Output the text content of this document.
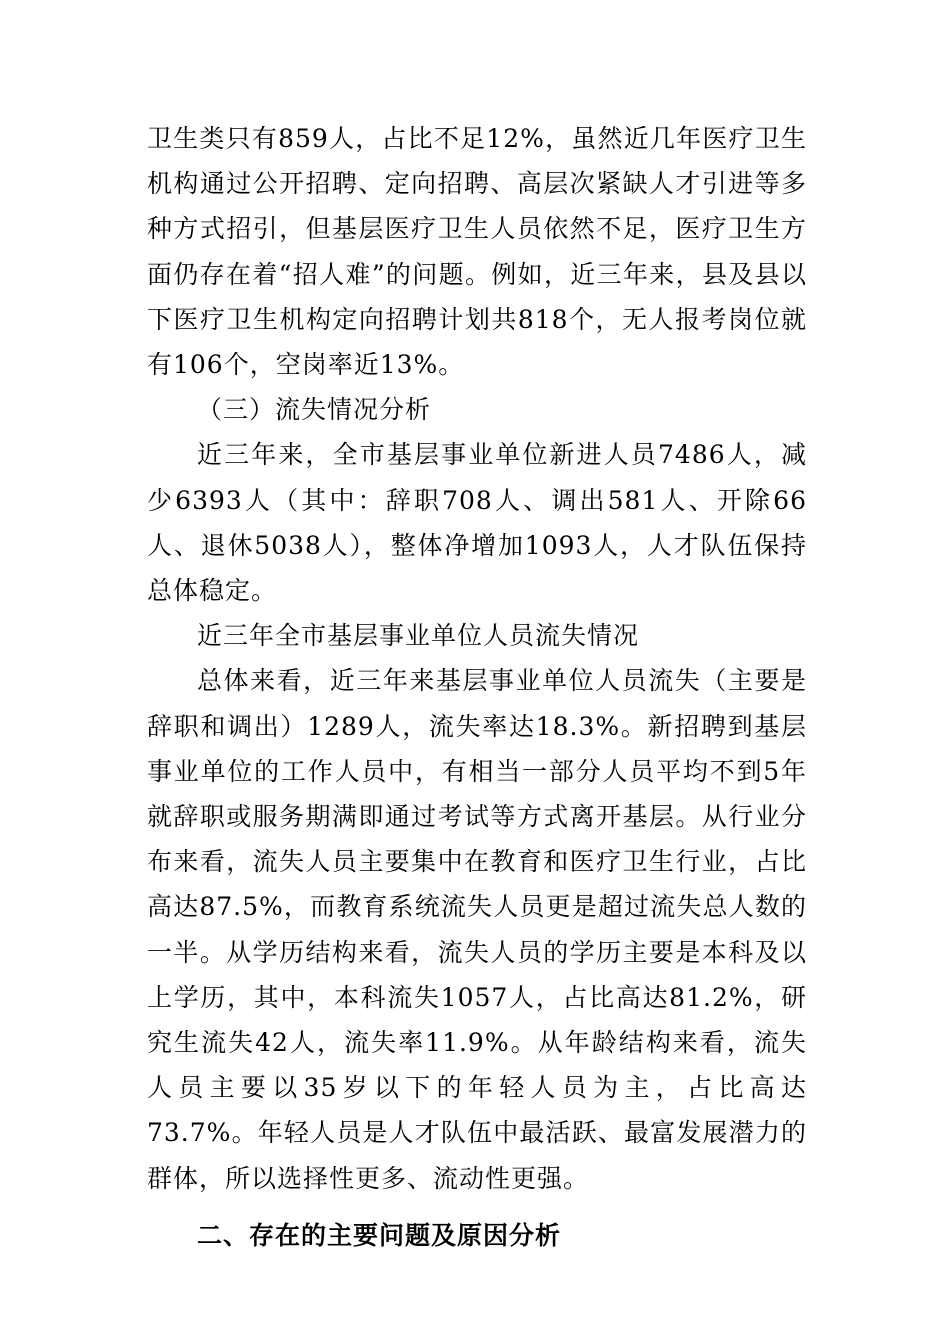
卫生类只有859人，占比不足12%，虽然近几年医疗卫生机构通过公开招聘、定向招聘、高层次紧缺人才引进等多种方式招引，但基层医疗卫生人员依然不足，医疗卫生方面仍存在着“招人难”的问题。例如，近三年来，县及县以下医疗卫生机构定向招聘计划共818个，无人报考岗位就有106个，空岗率近13%。

（三）流失情况分析

近三年来，全市基层事业单位新进人员7486人，减少6393人（其中：辞职708人、调出581人、开除66人、退休5038人），整体净增加1093人，人才队伍保持总体稳定。

近三年全市基层事业单位人员流失情况

总体来看，近三年来基层事业单位人员流失（主要是辞职和调出）1289人，流失率达18.3%。新招聘到基层事业单位的工作人员中，有相当一部分人员平均不到5年就辞职或服务期满即通过考试等方式离开基层。从行业分布来看，流失人员主要集中在教育和医疗卫生行业，占比高达87.5%，而教育系统流失人员更是超过流失总人数的一半。从学历结构来看，流失人员的学历主要是本科及以上学历，其中，本科流失1057人，占比高达81.2%，研究生流失42人，流失率11.9%。从年龄结构来看，流失人员主要以35岁以下的年轻人员为主，占比高达73.7%。年轻人员是人才队伍中最活跃、最富发展潜力的群体，所以选择性更多、流动性更强。

二、存在的主要问题及原因分析
